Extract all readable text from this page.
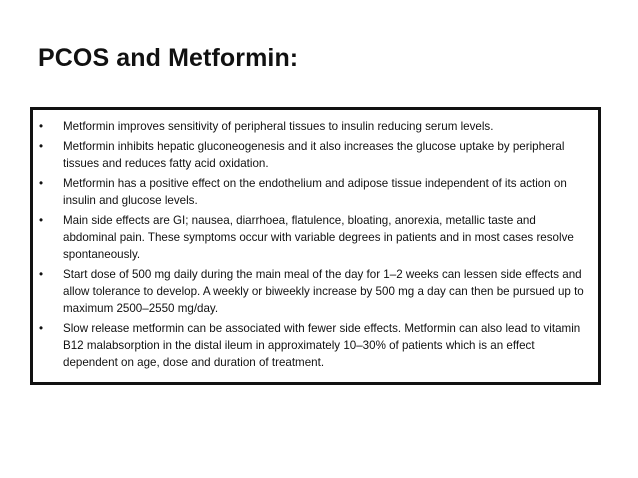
PCOS and Metformin:
•	Metformin improves sensitivity of peripheral tissues to insulin reducing serum levels.
•	Metformin inhibits hepatic gluconeogenesis and it also increases the glucose uptake by peripheral tissues and reduces fatty acid oxidation.
•	Metformin has a positive effect on the endothelium and adipose tissue independent of its action on insulin and glucose levels.
•	Main side effects are GI; nausea, diarrhoea, flatulence, bloating, anorexia, metallic taste and abdominal pain. These symptoms occur with variable degrees in patients and in most cases resolve spontaneously.
•	Start dose of 500 mg daily during the main meal of the day for 1–2 weeks can lessen side effects and allow tolerance to develop. A weekly or biweekly increase by 500 mg a day can then be pursued up to maximum 2500–2550 mg/day.
•	Slow release metformin can be associated with fewer side effects. Metformin can also lead to vitamin B12 malabsorption in the distal ileum in approximately 10–30% of patients which is an effect dependent on age, dose and duration of treatment.
